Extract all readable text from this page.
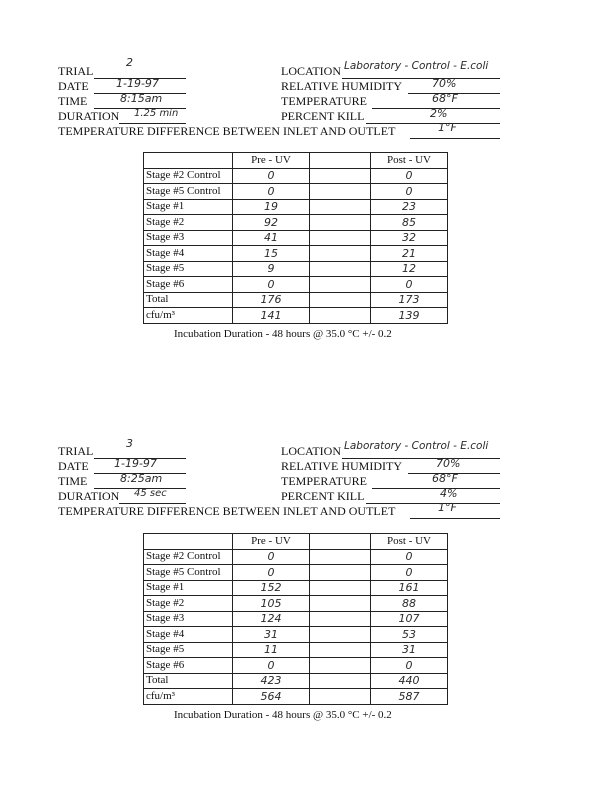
TRIAL
2
DATE 1-19-97
TIME	8:15am
DURATION 1.25 min
LOCATION Laboratory - Control - E.coli
RELATIVE HUMIDITY	70%
TEMPERATURE	68°F
PERCENT KILL	2%
TEMPERATURE DIFFERENCE BETWEEN INLET AND OUTLET	1°F
	Pre - UV		Post - UV
Stage #2 Control	0		0
Stage #5 Control	0		0
Stage #1	19		23
Stage #2	92		85
Stage #3	41		32
Stage #4	15		21
Stage #5	9		12
Stage #6	0		0
Total	176		173
cfu/m³	141		139
Incubation Duration - 48 hours @ 35.0 °C +/- 0.2
TRIAL
3
DATE 1-19-97
TIME	8:25am
DURATION 45 sec
LOCATION Laboratory - Control - E.coli
RELATIVE HUMIDITY	70%
TEMPERATURE	68°F
PERCENT KILL	4%
TEMPERATURE DIFFERENCE BETWEEN INLET AND OUTLET	1°F
	Pre - UV		Post - UV
Stage #2 Control	0		0
Stage #5 Control	0		0
Stage #1	152		161
Stage #2	105		88
Stage #3	124		107
Stage #4	31		53
Stage #5	11		31
Stage #6	0		0
Total	423		440
cfu/m³	564		587
Incubation Duration - 48 hours @ 35.0 °C +/- 0.2
